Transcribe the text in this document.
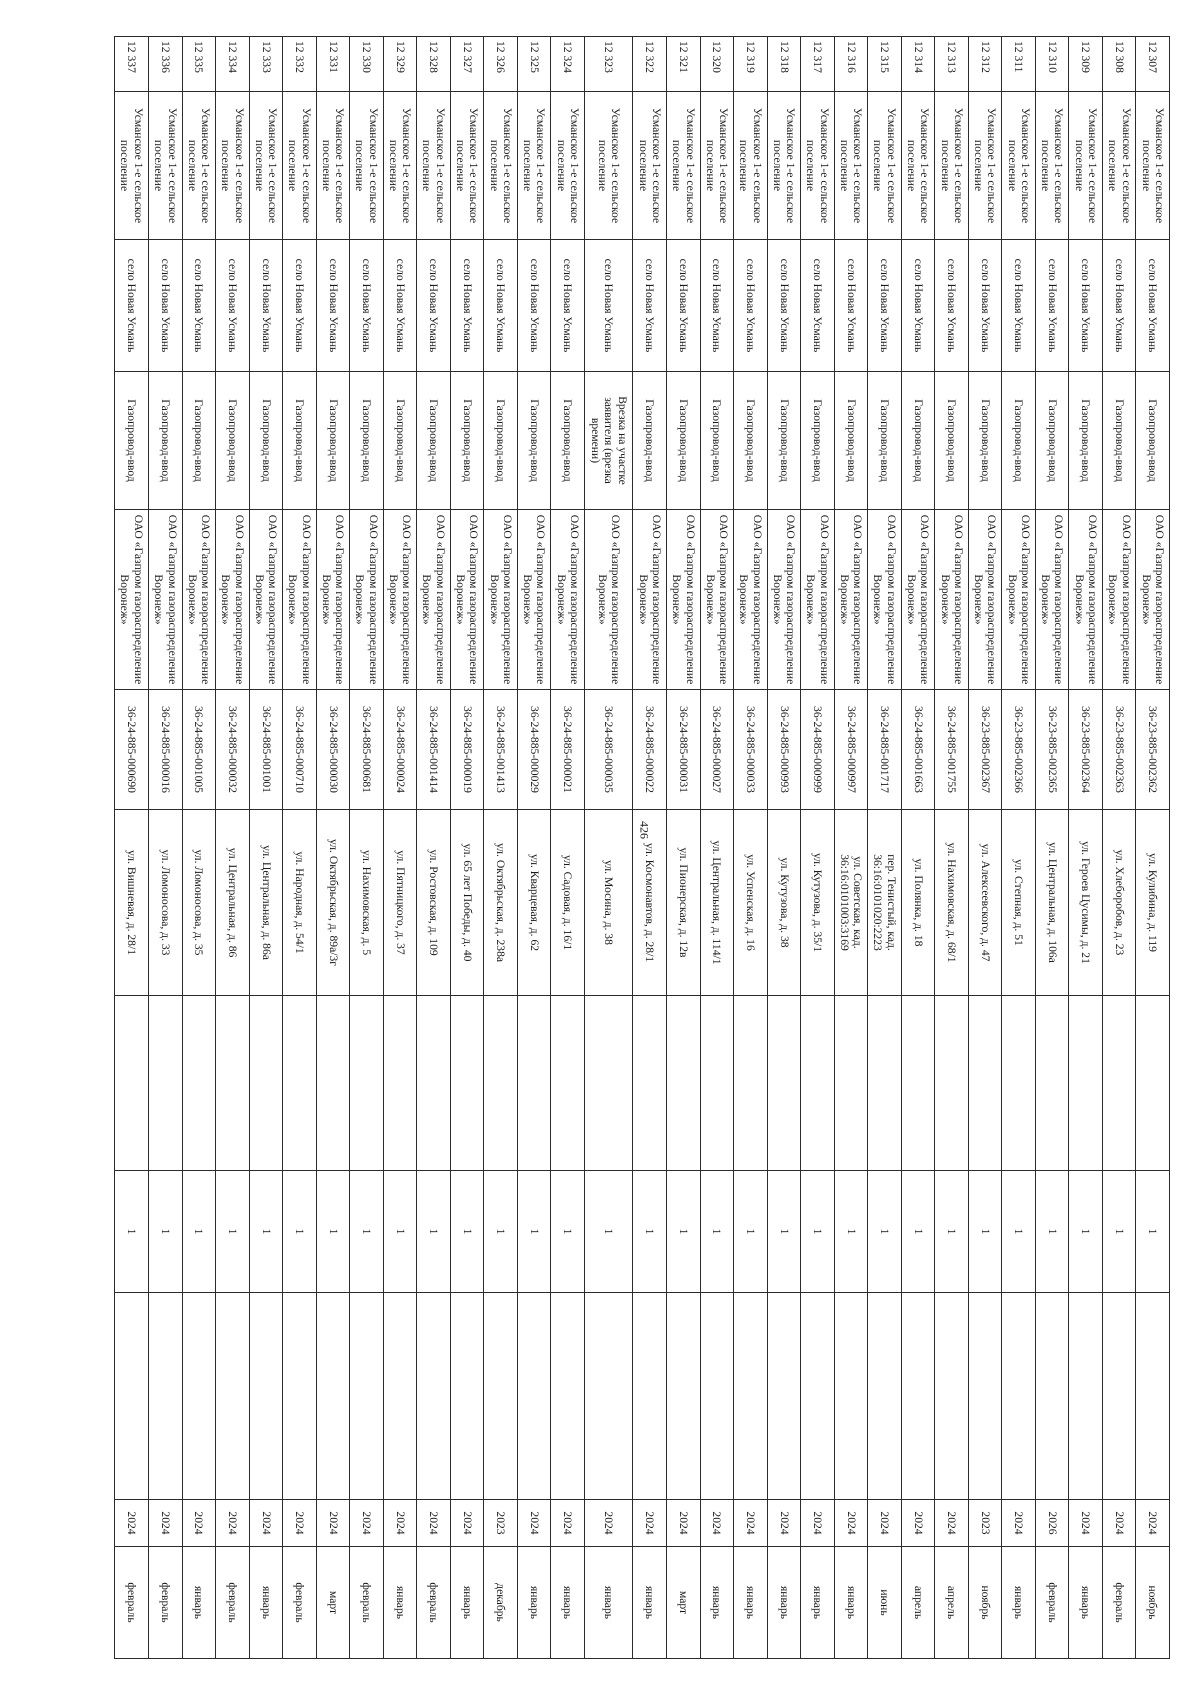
426
12 307	Усманское 1-е сельское поселение	село Новая Усмань	Газопровод-ввод	ОАО «Газпром газораспределение Воронеж»	36-23-885-002362	ул. Кулибина, д. 119		1		2024	ноябрь
12 308	Усманское 1-е сельское поселение	село Новая Усмань	Газопровод-ввод	ОАО «Газпром газораспределение Воронеж»	36-23-885-002363	ул. Хлеборобов, д. 23		1		2024	февраль
12 309	Усманское 1-е сельское поселение	село Новая Усмань	Газопровод-ввод	ОАО «Газпром газораспределение Воронеж»	36-23-885-002364	ул. Героев Цусимы, д. 21		1		2024	январь
12 310	Усманское 1-е сельское поселение	село Новая Усмань	Газопровод-ввод	ОАО «Газпром газораспределение Воронеж»	36-23-885-002365	ул. Центральная, д. 106а		1		2026	февраль
12 311	Усманское 1-е сельское поселение	село Новая Усмань	Газопровод-ввод	ОАО «Газпром газораспределение Воронеж»	36-23-885-002366	ул. Степная, д. 51		1		2024	январь
12 312	Усманское 1-е сельское поселение	село Новая Усмань	Газопровод-ввод	ОАО «Газпром газораспределение Воронеж»	36-23-885-002367	ул. Алексеевского, д. 47		1		2023	ноябрь
12 313	Усманское 1-е сельское поселение	село Новая Усмань	Газопровод-ввод	ОАО «Газпром газораспределение Воронеж»	36-24-885-001755	ул. Нахимовская, д. 68/1		1		2024	апрель
12 314	Усманское 1-е сельское поселение	село Новая Усмань	Газопровод-ввод	ОАО «Газпром газораспределение Воронеж»	36-24-885-001663	ул. Полянка, д. 18		1		2024	апрель
12 315	Усманское 1-е сельское поселение	село Новая Усмань	Газопровод-ввод	ОАО «Газпром газораспределение Воронеж»	36-24-885-001717	пер. Тенистый, кад. 36:16:0101020:2223		1		2024	июнь
12 316	Усманское 1-е сельское поселение	село Новая Усмань	Газопровод-ввод	ОАО «Газпром газораспределение Воронеж»	36-24-885-000997	ул. Советская, кад. 36:16:0101003:3169		1		2024	январь
12 317	Усманское 1-е сельское поселение	село Новая Усмань	Газопровод-ввод	ОАО «Газпром газораспределение Воронеж»	36-24-885-000999	ул. Кутузова, д. 35/1		1		2024	январь
12 318	Усманское 1-е сельское поселение	село Новая Усмань	Газопровод-ввод	ОАО «Газпром газораспределение Воронеж»	36-24-885-000993	ул. Кутузова, д. 38		1		2024	январь
12 319	Усманское 1-е сельское поселение	село Новая Усмань	Газопровод-ввод	ОАО «Газпром газораспределение Воронеж»	36-24-885-000033	ул. Успенская, д. 16		1		2024	январь
12 320	Усманское 1-е сельское поселение	село Новая Усмань	Газопровод-ввод	ОАО «Газпром газораспределение Воронеж»	36-24-885-000027	ул. Центральная, д. 114/1		1		2024	январь
12 321	Усманское 1-е сельское поселение	село Новая Усмань	Газопровод-ввод	ОАО «Газпром газораспределение Воронеж»	36-24-885-000031	ул. Пионерская, д. 12в		1		2024	март
12 322	Усманское 1-е сельское поселение	село Новая Усмань	Газопровод-ввод	ОАО «Газпром газораспределение Воронеж»	36-24-885-000022	ул. Космонавтов, д. 28/1		1		2024	январь
12 323	Усманское 1-е сельское поселение	село Новая Усмань	Врезка на участке заявителя (врезка времени)	ОАО «Газпром газораспределение Воронеж»	36-24-885-000035	ул. Мосина, д. 38		1		2024	январь
12 324	Усманское 1-е сельское поселение	село Новая Усмань	Газопровод-ввод	ОАО «Газпром газораспределение Воронеж»	36-24-885-000021	ул. Садовая, д. 16/1		1		2024	январь
12 325	Усманское 1-е сельское поселение	село Новая Усмань	Газопровод-ввод	ОАО «Газпром газораспределение Воронеж»	36-24-885-000029	ул. Кварцевая, д. 62		1		2024	январь
12 326	Усманское 1-е сельское поселение	село Новая Усмань	Газопровод-ввод	ОАО «Газпром газораспределение Воронеж»	36-24-885-001413	ул. Октябрьская, д. 238а		1		2023	декабрь
12 327	Усманское 1-е сельское поселение	село Новая Усмань	Газопровод-ввод	ОАО «Газпром газораспределение Воронеж»	36-24-885-000019	ул. 65 лет Победы, д. 40		1		2024	январь
12 328	Усманское 1-е сельское поселение	село Новая Усмань	Газопровод-ввод	ОАО «Газпром газораспределение Воронеж»	36-24-885-001414	ул. Ростовская, д. 109		1		2024	февраль
12 329	Усманское 1-е сельское поселение	село Новая Усмань	Газопровод-ввод	ОАО «Газпром газораспределение Воронеж»	36-24-885-000024	ул. Пятницкого, д. 37		1		2024	январь
12 330	Усманское 1-е сельское поселение	село Новая Усмань	Газопровод-ввод	ОАО «Газпром газораспределение Воронеж»	36-24-885-000681	ул. Нахимовская, д. 5		1		2024	февраль
12 331	Усманское 1-е сельское поселение	село Новая Усмань	Газопровод-ввод	ОАО «Газпром газораспределение Воронеж»	36-24-885-000030	ул. Октябрьская, д. 89а/3г		1		2024	март
12 332	Усманское 1-е сельское поселение	село Новая Усмань	Газопровод-ввод	ОАО «Газпром газораспределение Воронеж»	36-24-885-000710	ул. Народная, д. 54/1		1		2024	февраль
12 333	Усманское 1-е сельское поселение	село Новая Усмань	Газопровод-ввод	ОАО «Газпром газораспределение Воронеж»	36-24-885-001001	ул. Центральная, д. 86а		1		2024	январь
12 334	Усманское 1-е сельское поселение	село Новая Усмань	Газопровод-ввод	ОАО «Газпром газораспределение Воронеж»	36-24-885-000032	ул. Центральная, д. 86		1		2024	февраль
12 335	Усманское 1-е сельское поселение	село Новая Усмань	Газопровод-ввод	ОАО «Газпром газораспределение Воронеж»	36-24-885-001005	ул. Ломоносова, д. 35		1		2024	январь
12 336	Усманское 1-е сельское поселение	село Новая Усмань	Газопровод-ввод	ОАО «Газпром газораспределение Воронеж»	36-24-885-000016	ул. Ломоносова, д. 33		1		2024	февраль
12 337	Усманское 1-е сельское поселение	село Новая Усмань	Газопровод-ввод	ОАО «Газпром газораспределение Воронеж»	36-24-885-000690	ул. Вишневая, д. 28/1		1		2024	февраль
